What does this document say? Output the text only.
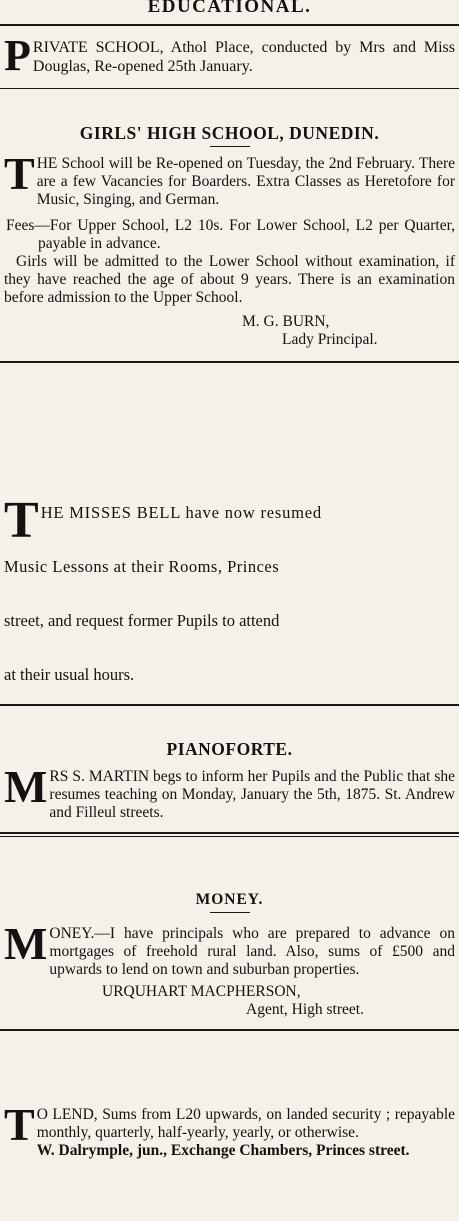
EDUCATIONAL.
P RIVATE SCHOOL, Athol Place, conducted by Mrs and Miss Douglas, Re-opened 25th January.
GIRLS' HIGH SCHOOL, DUNEDIN.
T HE School will be Re-opened on Tuesday, the 2nd February. There are a few Vacancies for Boarders. Extra Classes as Heretofore for Music, Singing, and German.
Fees—For Upper School, L2 10s. For Lower School, L2 per Quarter, payable in advance.
Girls will be admitted to the Lower School without examination, if they have reached the age of about 9 years. There is an examination before admission to the Upper School.
M. G. BURN,
Lady Principal.
T HE MISSES BELL have now resumed
Music Lessons at their Rooms, Princes
street, and request former Pupils to attend
at their usual hours.
PIANOFORTE.
M RS S. MARTIN begs to inform her Pupils and the Public that she resumes teaching on Monday, January the 5th, 1875. St. Andrew and Filleul streets.
MONEY.
M ONEY.—I have principals who are prepared to advance on mortgages of freehold rural land. Also, sums of £500 and upwards to lend on town and suburban properties.
URQUHART MACPHERSON,
Agent, High street.
T O LEND, Sums from L20 upwards, on landed security ; repayable monthly, quarterly, half-yearly, yearly, or otherwise.
W. Dalrymple, jun., Exchange Chambers, Princes street.
